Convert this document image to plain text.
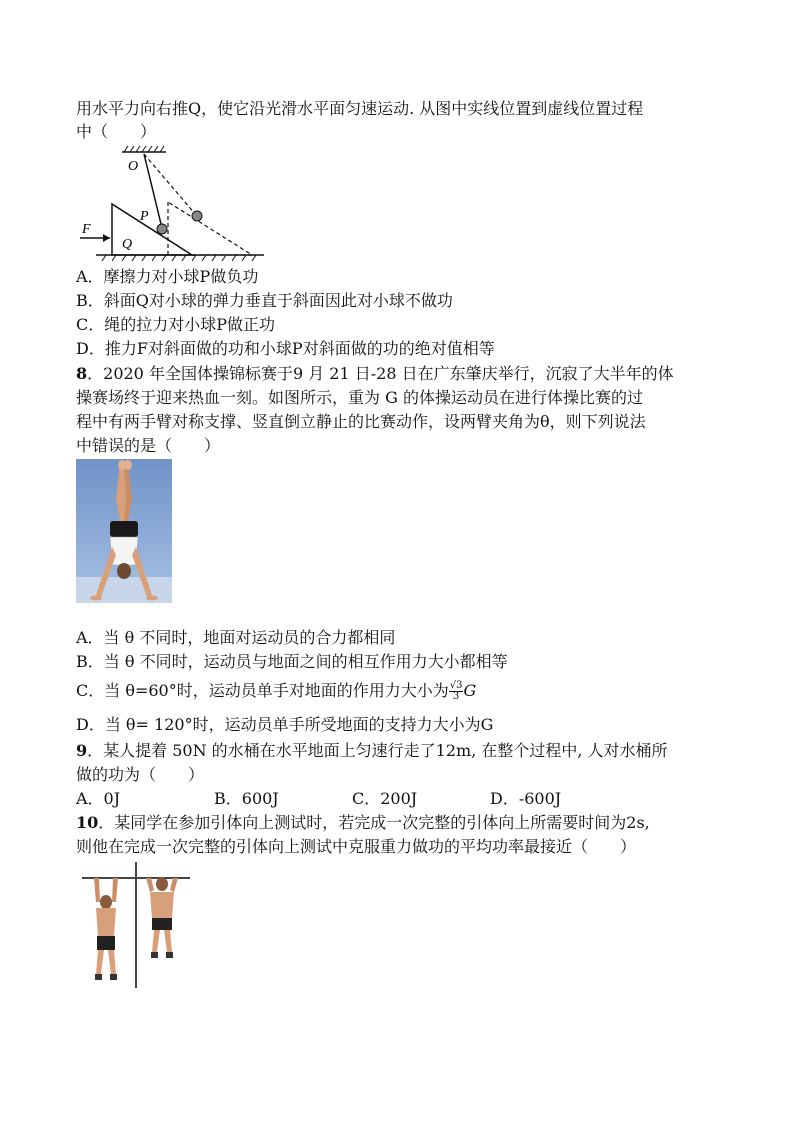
用水平力向右推Q，使它沿光滑水平面匀速运动. 从图中实线位置到虚线位置过程
中（　　）
O
P
F
Q
A．摩擦力对小球P做负功
B．斜面Q对小球的弹力垂直于斜面因此对小球不做功
C．绳的拉力对小球P做正功
D．推力F对斜面做的功和小球P对斜面做的功的绝对值相等
8．2020 年全国体操锦标赛于9 月 21 日-28 日在广东肇庆举行，沉寂了大半年的体
操赛场终于迎来热血一刻。如图所示，重为 G 的体操运动员在进行体操比赛的过
程中有两手臂对称支撑、竖直倒立静止的比赛动作，设两臂夹角为θ，则下列说法
中错误的是（　　）
A．当 θ 不同时，地面对运动员的合力都相同
B．当 θ 不同时，运动员与地面之间的相互作用力大小都相等
C．当 θ=60°时，运动员单手对地面的作用力大小为 $\frac{√3}{3}$ G
D．当 θ= 120°时，运动员单手所受地面的支持力大小为G
9．某人提着 50N 的水桶在水平地面上匀速行走了12m, 在整个过程中, 人对水桶所
做的功为（　　）
A．0J	B．600J	C．200J	D．-600J
10．某同学在参加引体向上测试时，若完成一次完整的引体向上所需要时间为2s,
则他在完成一次完整的引体向上测试中克服重力做功的平均功率最接近（　　）
